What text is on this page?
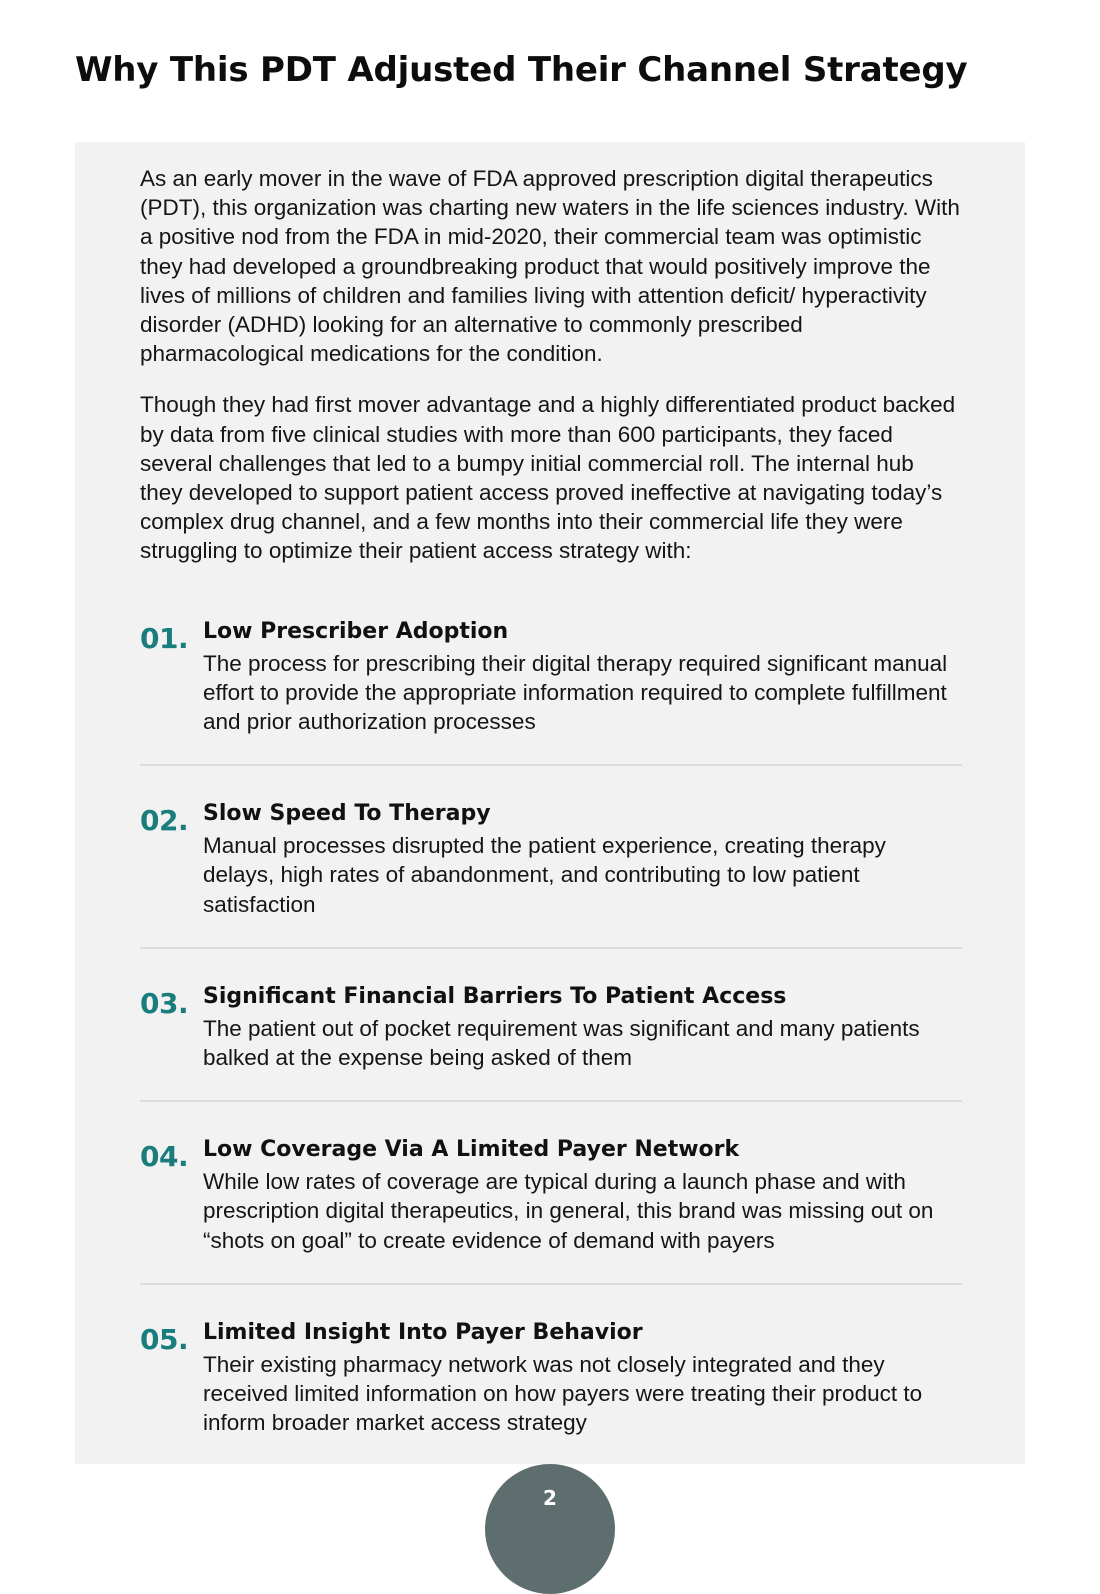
Why This PDT Adjusted Their Channel Strategy

As an early mover in the wave of FDA approved prescription digital therapeutics (PDT), this organization was charting new waters in the life sciences industry. With a positive nod from the FDA in mid-2020, their commercial team was optimistic they had developed a groundbreaking product that would positively improve the lives of millions of children and families living with attention deficit/ hyperactivity disorder (ADHD) looking for an alternative to commonly prescribed pharmacological medications for the condition.

Though they had first mover advantage and a highly differentiated product backed by data from five clinical studies with more than 600 participants, they faced several challenges that led to a bumpy initial commercial roll. The internal hub they developed to support patient access proved ineffective at navigating today’s complex drug channel, and a few months into their commercial life they were struggling to optimize their patient access strategy with:

01. Low Prescriber Adoption

The process for prescribing their digital therapy required significant manual effort to provide the appropriate information required to complete fulfillment and prior authorization processes

02. Slow Speed To Therapy

Manual processes disrupted the patient experience, creating therapy delays, high rates of abandonment, and contributing to low patient satisfaction

03. Significant Financial Barriers To Patient Access

The patient out of pocket requirement was significant and many patients balked at the expense being asked of them

04. Low Coverage Via A Limited Payer Network

While low rates of coverage are typical during a launch phase and with prescription digital therapeutics, in general, this brand was missing out on “shots on goal” to create evidence of demand with payers

05. Limited Insight Into Payer Behavior

Their existing pharmacy network was not closely integrated and they received limited information on how payers were treating their product to inform broader market access strategy

2
